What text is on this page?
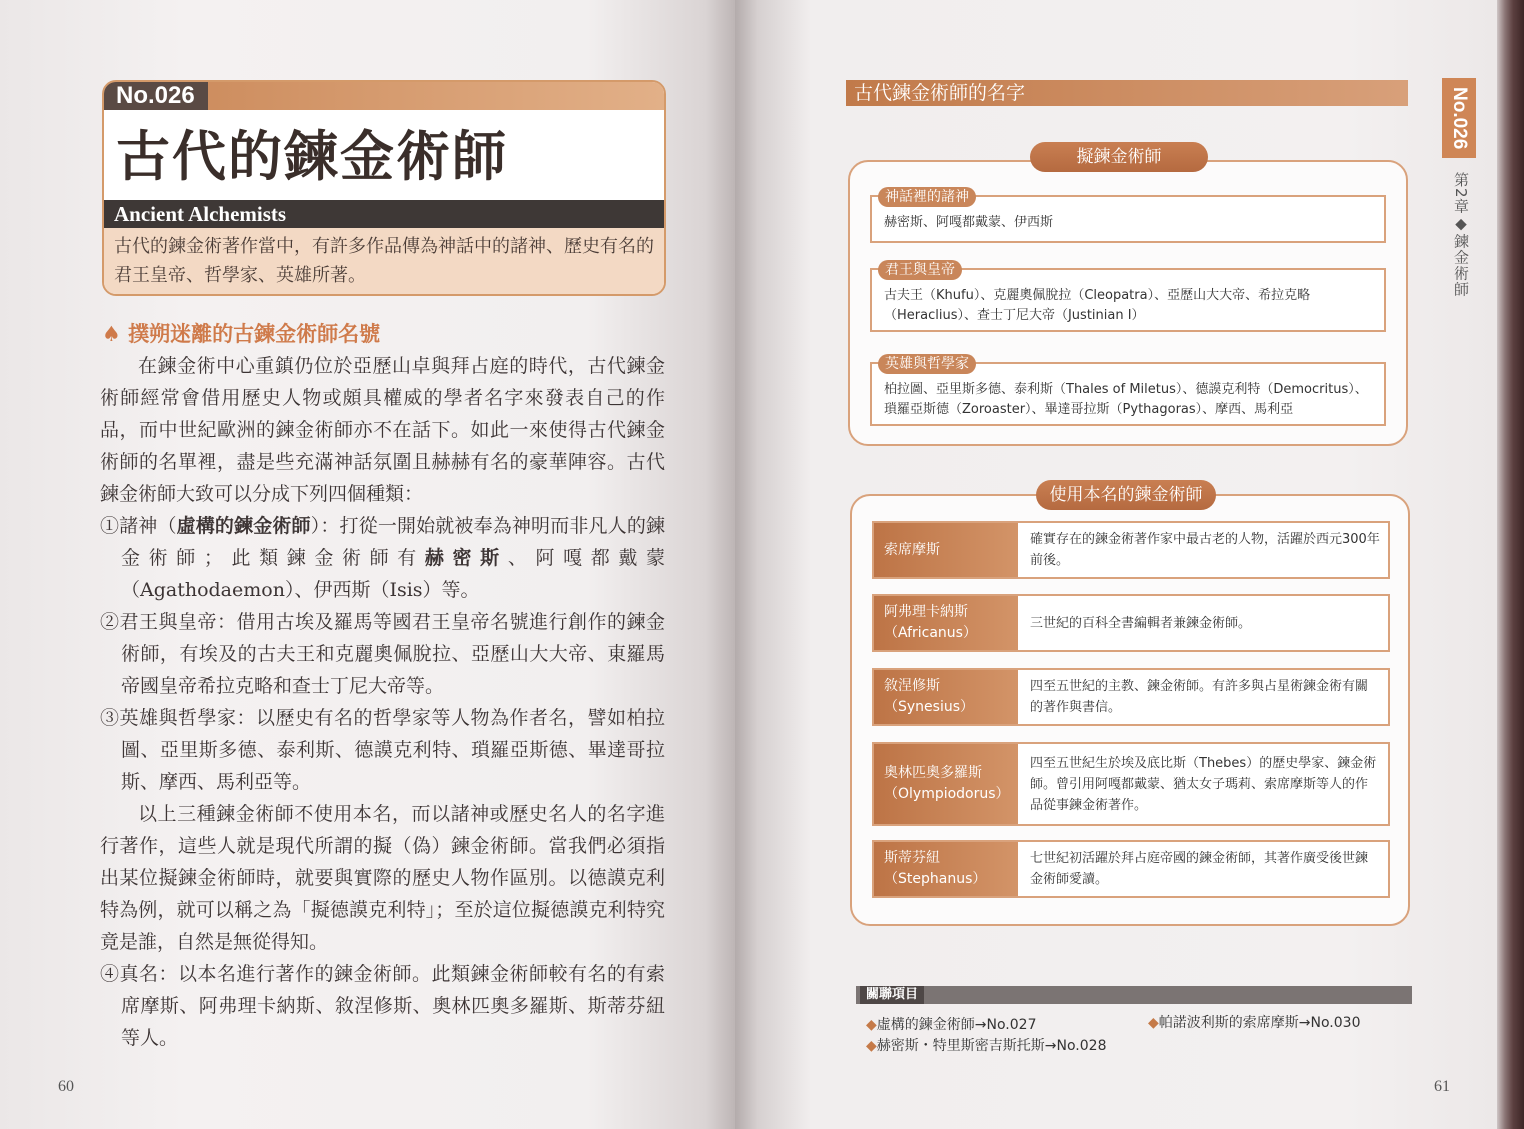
No.026
古代的鍊金術師
Ancient Alchemists
古代的鍊金術著作當中，有許多作品傳為神話中的諸神、歷史有名的君王皇帝、哲學家、英雄所著。
♠ 撲朔迷離的古鍊金術師名號

在鍊金術中心重鎮仍位於亞歷山卓與拜占庭的時代，古代鍊金術師經常會借用歷史人物或頗具權威的學者名字來發表自己的作品，而中世紀歐洲的鍊金術師亦不在話下。如此一來使得古代鍊金術師的名單裡，盡是些充滿神話氛圍且赫赫有名的豪華陣容。古代鍊金術師大致可以分成下列四個種類：

①諸神（虛構的鍊金術師）：打從一開始就被奉為神明而非凡人的鍊金術師；此類鍊金術師有赫密斯、阿嘎都戴蒙（Agathodaemon）、伊西斯（Isis）等。

②君王與皇帝：借用古埃及羅馬等國君王皇帝名號進行創作的鍊金術師，有埃及的古夫王和克麗奧佩脫拉、亞歷山大大帝、東羅馬帝國皇帝希拉克略和查士丁尼大帝等。

③英雄與哲學家：以歷史有名的哲學家等人物為作者名，譬如柏拉圖、亞里斯多德、泰利斯、德謨克利特、瑣羅亞斯德、畢達哥拉斯、摩西、馬利亞等。

以上三種鍊金術師不使用本名，而以諸神或歷史名人的名字進行著作，這些人就是現代所謂的擬（偽）鍊金術師。當我們必須指出某位擬鍊金術師時，就要與實際的歷史人物作區別。以德謨克利特為例，就可以稱之為「擬德謨克利特」；至於這位擬德謨克利特究竟是誰，自然是無從得知。

④真名：以本名進行著作的鍊金術師。此類鍊金術師較有名的有索席摩斯、阿弗理卡納斯、敘涅修斯、奧林匹奧多羅斯、斯蒂芬紐等人。

60
古代鍊金術師的名字	No.026
第2章◆鍊金術師
擬鍊金術師
赫密斯、阿嘎都戴蒙、伊西斯
神話裡的諸神
古夫王（Khufu）、克麗奧佩脫拉（Cleopatra）、亞歷山大大帝、希拉克略（Heraclius）、查士丁尼大帝（Justinian Ⅰ）
君王與皇帝
柏拉圖、亞里斯多德、泰利斯（Thales of Miletus）、德謨克利特（Democritus）、瑣羅亞斯德（Zoroaster）、畢達哥拉斯（Pythagoras）、摩西、馬利亞
英雄與哲學家
使用本名的鍊金術師
索席摩斯
確實存在的鍊金術著作家中最古老的人物，活躍於西元300年前後。
阿弗理卡納斯
（Africanus）
三世紀的百科全書編輯者兼鍊金術師。
敘涅修斯
（Synesius）
四至五世紀的主教、鍊金術師。有許多與占星術鍊金術有關的著作與書信。
奧林匹奧多羅斯
（Olympiodorus）
四至五世紀生於埃及底比斯（Thebes）的歷史學家、鍊金術師。曾引用阿嘎都戴蒙、猶太女子瑪莉、索席摩斯等人的作品從事鍊金術著作。
斯蒂芬紐
（Stephanus）
七世紀初活躍於拜占庭帝國的鍊金術師，其著作廣受後世鍊金術師愛讀。
關聯項目
◆虛構的鍊金術師→No.027	◆帕諾波利斯的索席摩斯→No.030
◆赫密斯・特里斯密吉斯托斯→No.028
61
